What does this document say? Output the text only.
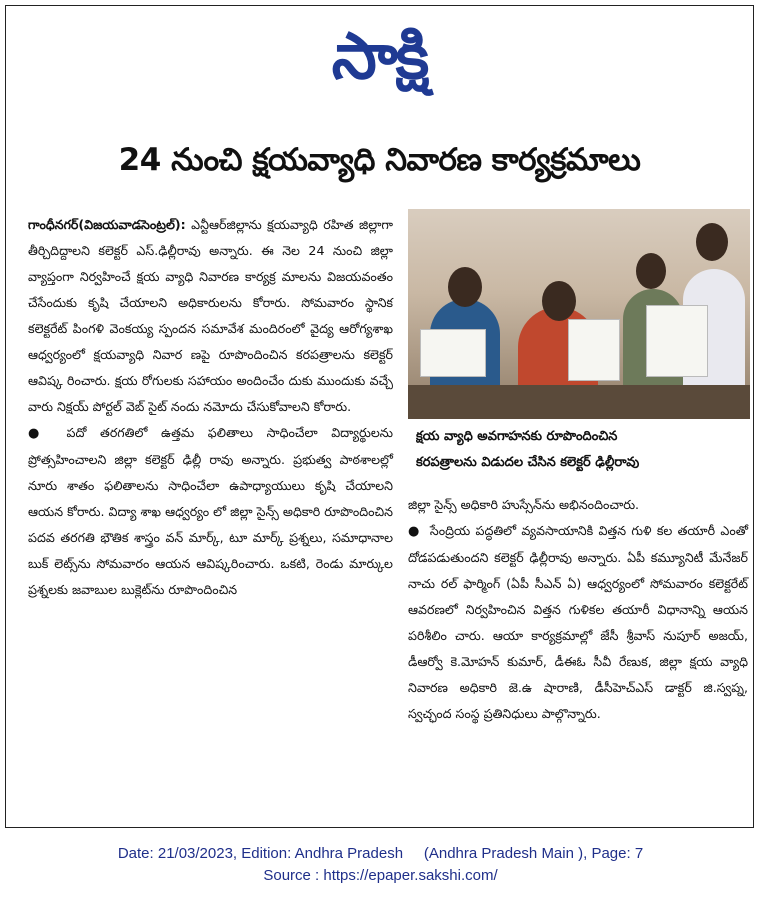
సాక్షి
24 నుంచి క్షయవ్యాధి నివారణ కార్యక్రమాలు

గాంధీనగర్(విజయవాడసెంట్రల్): ఎన్టీఆర్‌జిల్లాను క్షయవ్యాధి రహిత జిల్లాగా తీర్చిదిద్దాలని కలెక్టర్ ఎస్.ఢిల్లీరావు అన్నారు. ఈ నెల 24 నుంచి జిల్లా వ్యాప్తంగా నిర్వహించే క్షయ వ్యాధి నివారణ కార్యక్ర మాలను విజయవంతం చేసేందుకు కృషి చేయాలని అధికారులను కోరారు. సోమవారం స్థానిక కలెక్టరేట్ పింగళి వెంకయ్య స్పందన సమావేశ మందిరంలో వైద్య ఆరోగ్యశాఖ ఆధ్వర్యంలో క్షయవ్యాధి నివార ణపై రూపొందించిన కరపత్రాలను కలెక్టర్ ఆవిష్క రించారు. క్షయ రోగులకు సహాయం అందించేం దుకు ముందుకు వచ్చే వారు నిక్షయ్ పోర్టల్ వెబ్ సైట్ నందు నమోదు చేసుకోవాలని కోరారు.

● పదో తరగతిలో ఉత్తమ ఫలితాలు సాధించేలా విద్యార్థులను ప్రోత్సహించాలని జిల్లా కలెక్టర్ ఢిల్లీ రావు అన్నారు. ప్రభుత్వ పాఠశాలల్లో నూరు శాతం ఫలితాలను సాధించేలా ఉపాధ్యాయులు కృషి చేయాలని ఆయన కోరారు. విద్యా శాఖ ఆధ్వర్యం లో జిల్లా సైన్స్ అధికారి రూపొందించిన పదవ తరగతి భౌతిక శాస్త్రం వన్ మార్క్, టూ మార్క్ ప్రశ్నలు, సమాధానాల బుక్ లెట్స్‌ను సోమవారం ఆయన ఆవిష్కరించారు. ఒకటి, రెండు మార్కుల ప్రశ్నలకు జవాబుల బుక్లెట్‌ను రూపొందించిన

క్షయ వ్యాధి అవగాహనకు రూపొందించిన
కరపత్రాలను విడుదల చేసిన కలెక్టర్ ఢిల్లీరావు

జిల్లా సైన్స్ అధికారి హుస్సేన్‌ను అభినందించారు.

● సేంద్రియ పద్ధతిలో వ్యవసాయానికి విత్తన గుళి కల తయారీ ఎంతో దోడపడుతుందని కలెక్టర్ ఢిల్లీరావు అన్నారు. ఏపీ కమ్యూనిటీ మేనేజర్ నాచు రల్ ఫార్మింగ్ (ఏపీ సీఎన్ ఏ) ఆధ్వర్యంలో సోమవారం కలెక్టరేట్ ఆవరణలో నిర్వహించిన విత్తన గుళికల తయారీ విధానాన్ని ఆయన పరిశీలిం చారు. ఆయా కార్యక్రమాల్లో జేసీ శ్రీవాస్ నుపూర్ అజయ్, డీఆర్వో కె.మోహన్ కుమార్, డీఈఓ సీవీ రేణుక, జిల్లా క్షయ వ్యాధి నివారణ అధికారి జె.ఉ షారాణి, డీసీహెచ్ఎస్ డాక్టర్ జి.స్వప్న, స్వచ్ఛంద సంస్థ ప్రతినిధులు పాల్గొన్నారు.

Date: 21/03/2023, Edition: Andhra Pradesh     (Andhra Pradesh Main ), Page: 7
Source : https://epaper.sakshi.com/
